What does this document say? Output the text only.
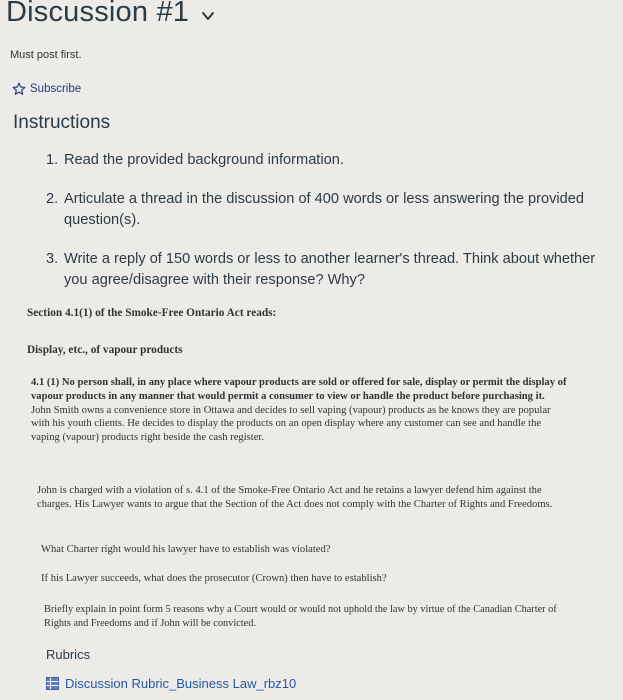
Discussion #1
Must post first.
Subscribe
Instructions
1. Read the provided background information.
2. Articulate a thread in the discussion of 400 words or less answering the provided question(s).
3. Write a reply of 150 words or less to another learner's thread. Think about whether you agree/disagree with their response? Why?
Section 4.1(1) of the Smoke-Free Ontario Act reads:
Display, etc., of vapour products
4.1 (1) No person shall, in any place where vapour products are sold or offered for sale, display or permit the display of vapour products in any manner that would permit a consumer to view or handle the product before purchasing it.
John Smith owns a convenience store in Ottawa and decides to sell vaping (vapour) products as he knows they are popular with his youth clients. He decides to display the products on an open display where any customer can see and handle the vaping (vapour) products right beside the cash register.
John is charged with a violation of s. 4.1 of the Smoke-Free Ontario Act and he retains a lawyer defend him against the charges. His Lawyer wants to argue that the Section of the Act does not comply with the Charter of Rights and Freedoms.
What Charter right would his lawyer have to establish was violated?
If his Lawyer succeeds, what does the prosecutor (Crown) then have to establish?
Briefly explain in point form 5 reasons why a Court would or would not uphold the law by virtue of the Canadian Charter of Rights and Freedoms and if John will be convicted.
Rubrics
Discussion Rubric_Business Law_rbz10
